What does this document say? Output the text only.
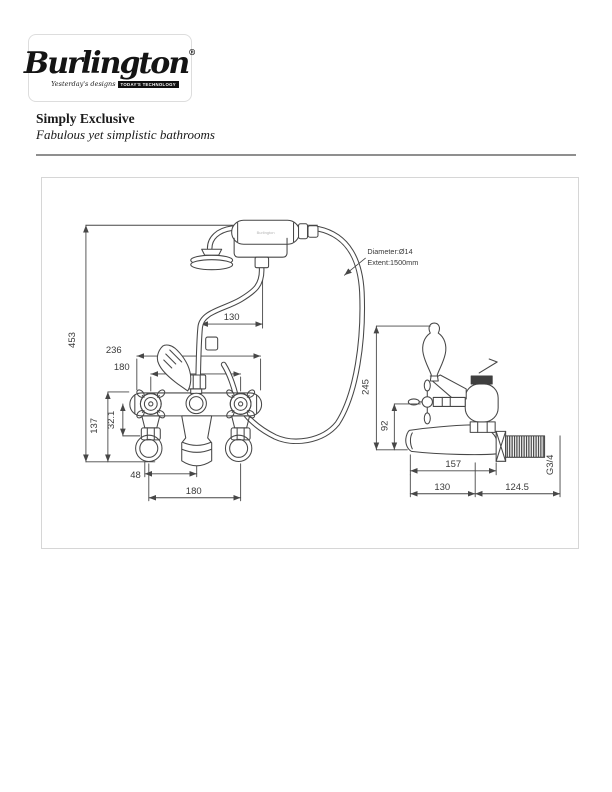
Burlington®
Yesterday's designs	TODAY'S TECHNOLOGY
Simply Exclusive

Fabulous yet simplistic bathrooms

453
130
236
180
137 32.1
48
180
245
92
157
130	124.5
G3/4
Diameter:Ø14
Extent:1500mm
Burlington
